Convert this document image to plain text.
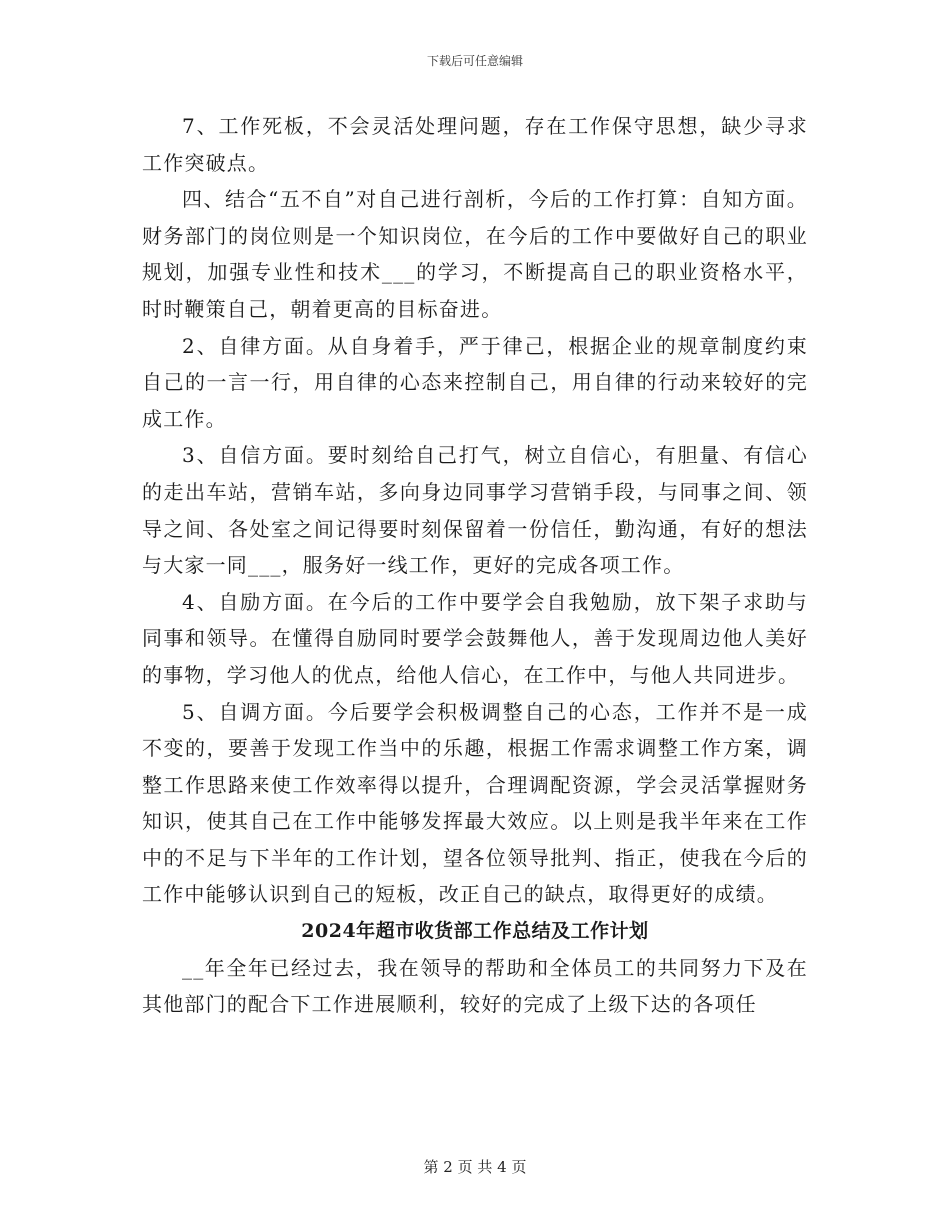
下载后可任意编辑

7、工作死板，不会灵活处理问题，存在工作保守思想，缺少寻求工作突破点。

四、结合“五不自”对自己进行剖析，今后的工作打算：自知方面。财务部门的岗位则是一个知识岗位，在今后的工作中要做好自己的职业规划，加强专业性和技术___的学习，不断提高自己的职业资格水平，时时鞭策自己，朝着更高的目标奋进。

2、自律方面。从自身着手，严于律己，根据企业的规章制度约束自己的一言一行，用自律的心态来控制自己，用自律的行动来较好的完成工作。

3、自信方面。要时刻给自己打气，树立自信心，有胆量、有信心的走出车站，营销车站，多向身边同事学习营销手段，与同事之间、领导之间、各处室之间记得要时刻保留着一份信任，勤沟通，有好的想法与大家一同___，服务好一线工作，更好的完成各项工作。

4、自励方面。在今后的工作中要学会自我勉励，放下架子求助与同事和领导。在懂得自励同时要学会鼓舞他人，善于发现周边他人美好的事物，学习他人的优点，给他人信心，在工作中，与他人共同进步。

5、自调方面。今后要学会积极调整自己的心态，工作并不是一成不变的，要善于发现工作当中的乐趣，根据工作需求调整工作方案，调整工作思路来使工作效率得以提升，合理调配资源，学会灵活掌握财务知识，使其自己在工作中能够发挥最大效应。以上则是我半年来在工作中的不足与下半年的工作计划，望各位领导批判、指正，使我在今后的工作中能够认识到自己的短板，改正自己的缺点，取得更好的成绩。

2024年超市收货部工作总结及工作计划

__年全年已经过去，我在领导的帮助和全体员工的共同努力下及在其他部门的配合下工作进展顺利，较好的完成了上级下达的各项任

第 2 页 共 4 页
